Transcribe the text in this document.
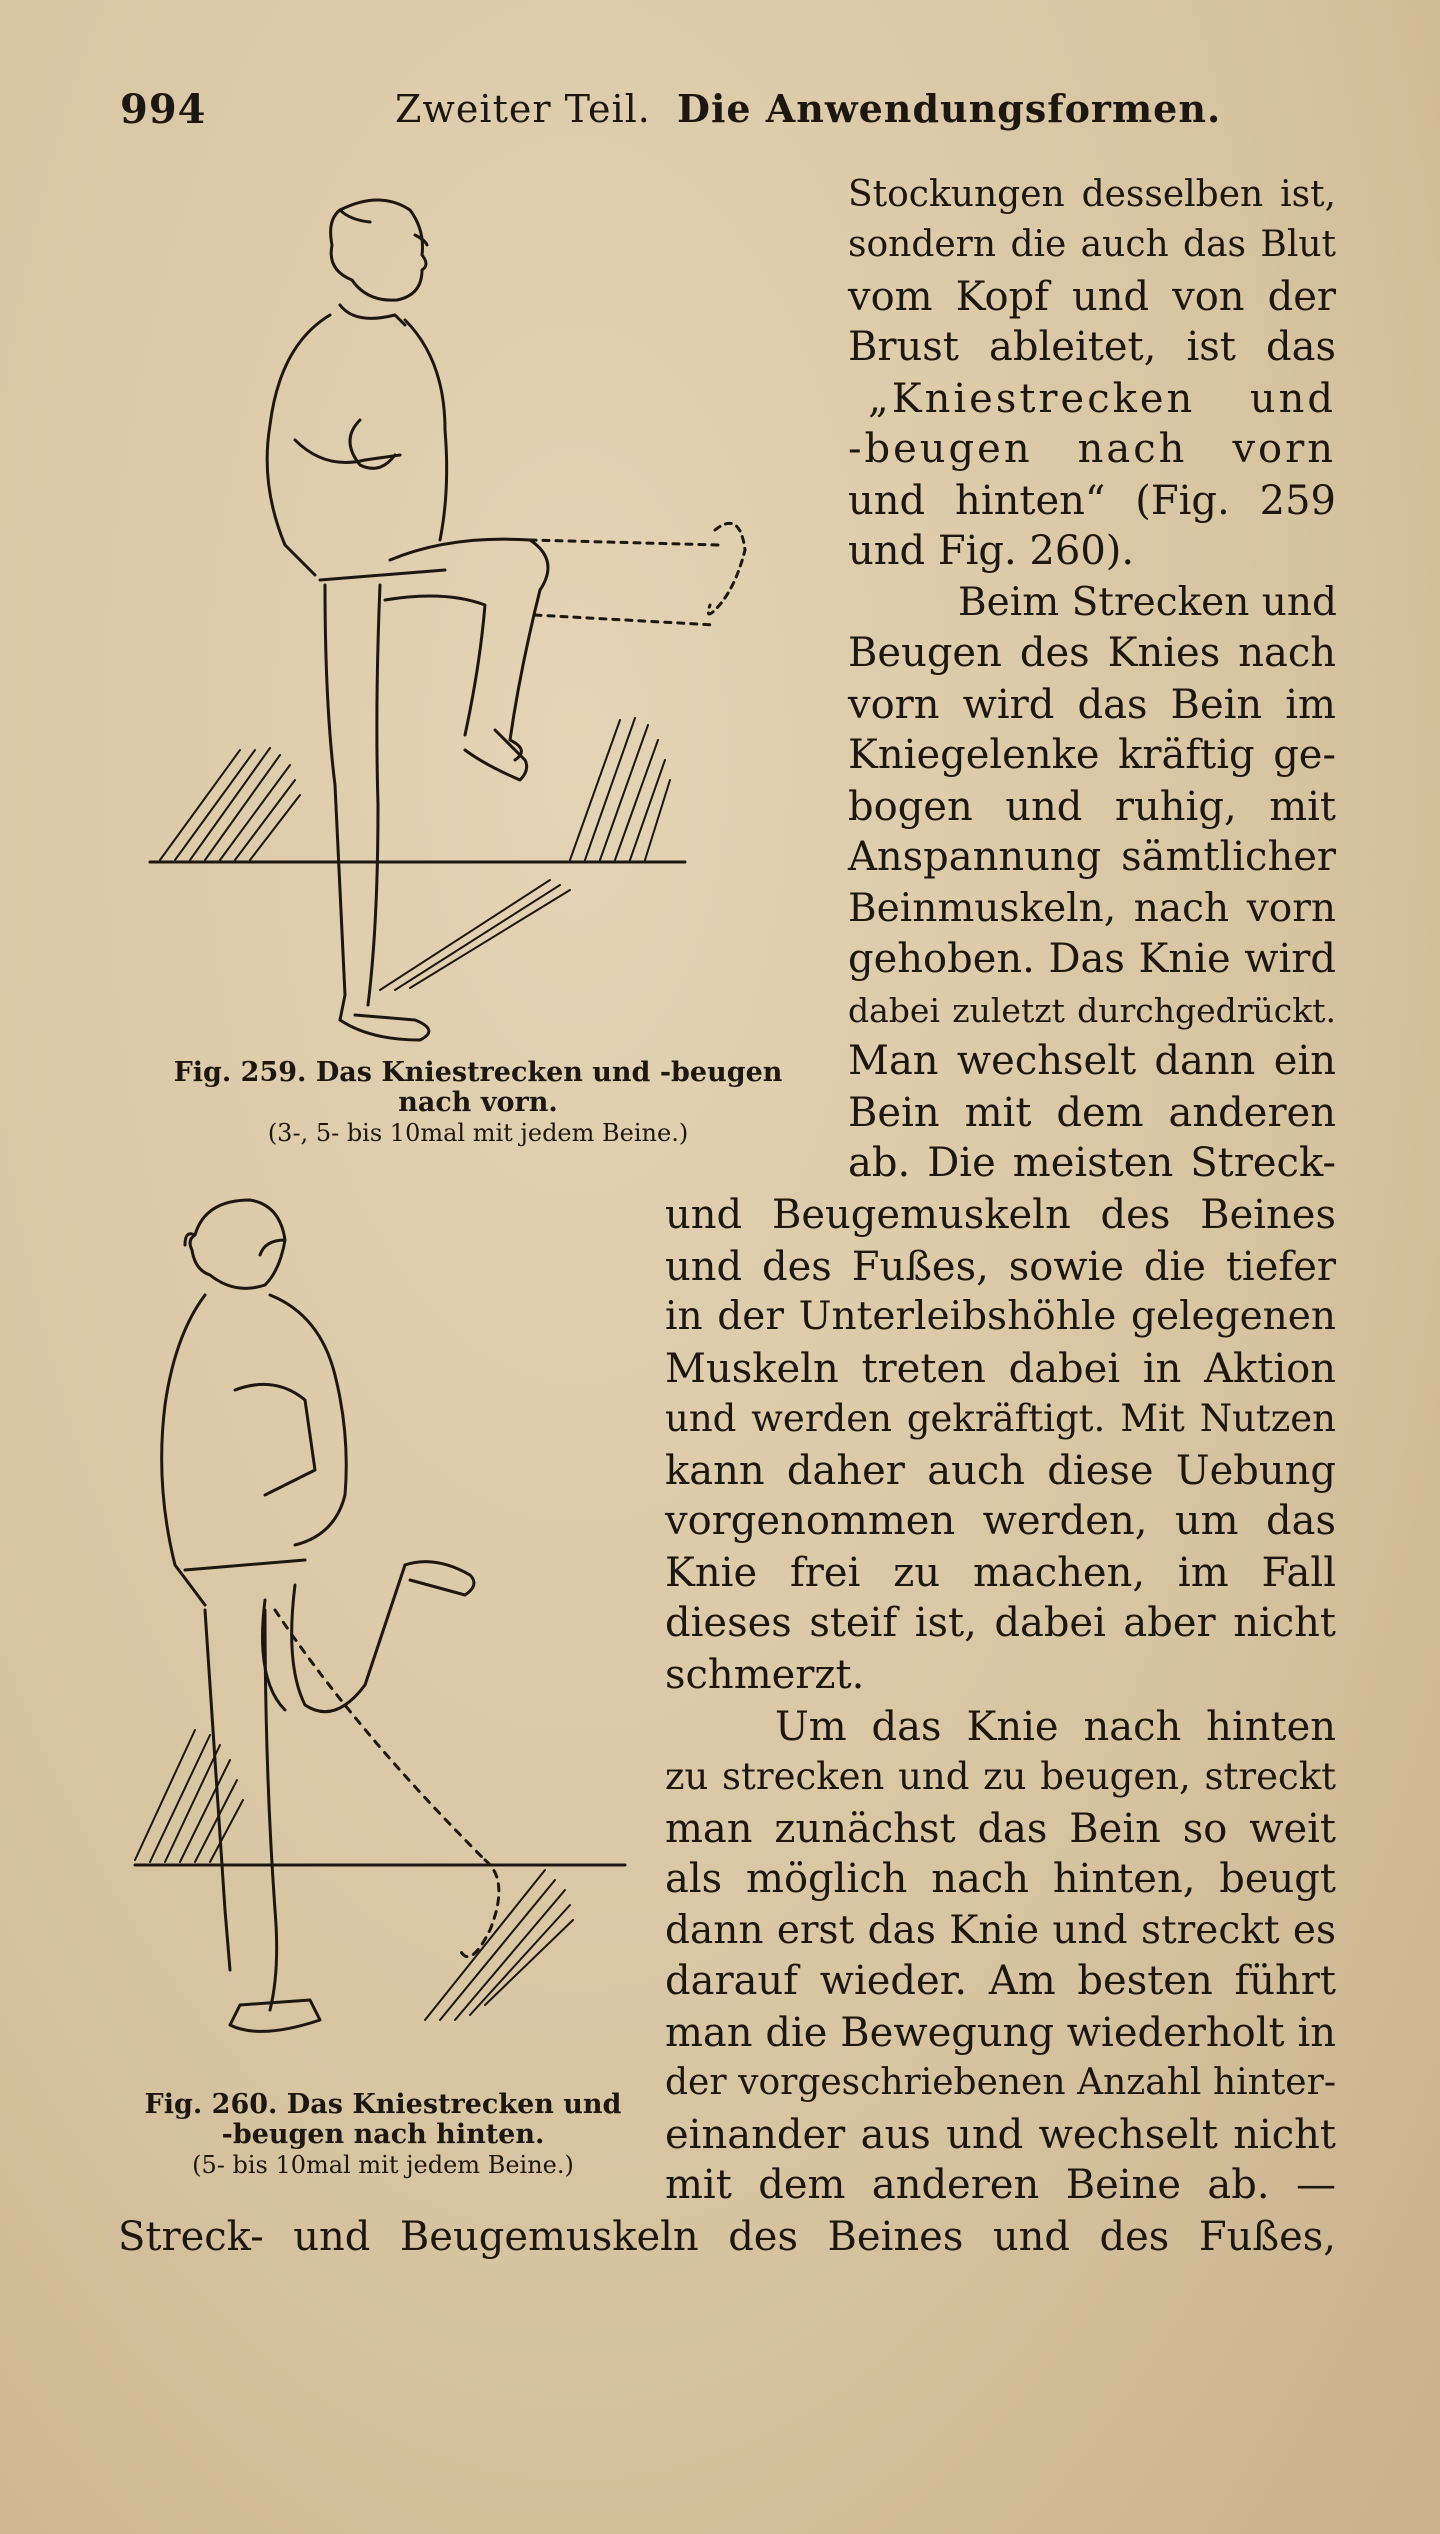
994	Zweiter Teil. Die Anwendungsformen.
Fig. 259. Das Kniestrecken und -beugen
nach vorn.
(3-, 5- bis 10mal mit jedem Beine.)
Fig. 260. Das Kniestrecken und
-beugen nach hinten.
(5- bis 10mal mit jedem Beine.)
Stockungen desselben ist,
sondern die auch das Blut
vom Kopf und von der
Brust ableitet, ist das
„Kniestrecken und
-beugen nach vorn
und hinten“ (Fig. 259
und Fig. 260).
Beim Strecken und
Beugen des Knies nach
vorn wird das Bein im
Kniegelenke kräftig ge-
bogen und ruhig, mit
Anspannung sämtlicher
Beinmuskeln, nach vorn
gehoben. Das Knie wird
dabei zuletzt durchgedrückt.
Man wechselt dann ein
Bein mit dem anderen
ab. Die meisten Streck-
und Beugemuskeln des Beines
und des Fußes, sowie die tiefer
in der Unterleibshöhle gelegenen
Muskeln treten dabei in Aktion
und werden gekräftigt. Mit Nutzen
kann daher auch diese Uebung
vorgenommen werden, um das
Knie frei zu machen, im Fall
dieses steif ist, dabei aber nicht
schmerzt.
Um das Knie nach hinten
zu strecken und zu beugen, streckt
man zunächst das Bein so weit
als möglich nach hinten, beugt
dann erst das Knie und streckt es
darauf wieder. Am besten führt
man die Bewegung wiederholt in
der vorgeschriebenen Anzahl hinter-
einander aus und wechselt nicht
mit dem anderen Beine ab. —
Streck- und Beugemuskeln des Beines und des Fußes,
